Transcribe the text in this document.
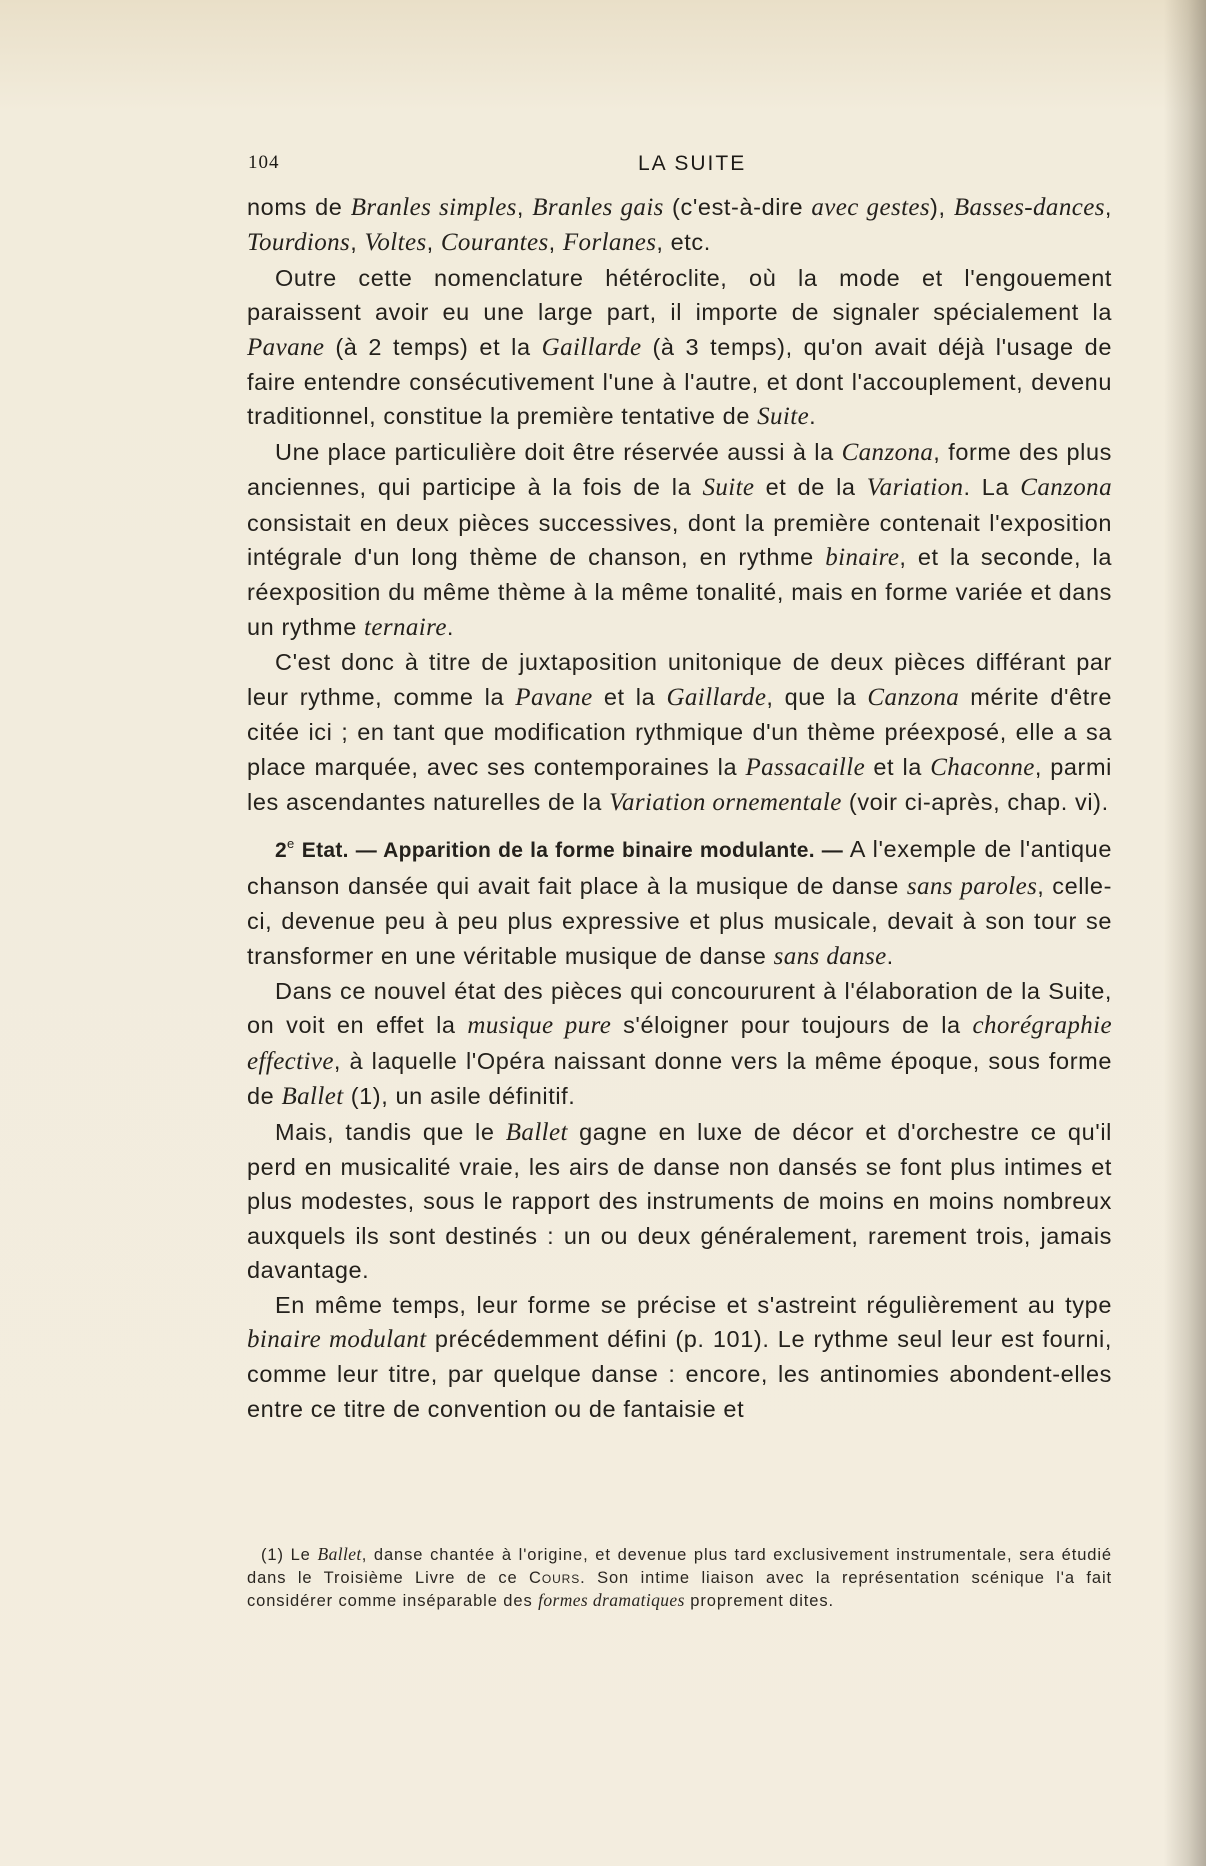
104	LA SUITE

noms de Branles simples, Branles gais (c'est-à-dire avec gestes), Basses-dances, Tourdions, Voltes, Courantes, Forlanes, etc.

Outre cette nomenclature hétéroclite, où la mode et l'engouement paraissent avoir eu une large part, il importe de signaler spécialement la Pavane (à 2 temps) et la Gaillarde (à 3 temps), qu'on avait déjà l'usage de faire entendre consécutivement l'une à l'autre, et dont l'accouplement, devenu traditionnel, constitue la première tentative de Suite.

Une place particulière doit être réservée aussi à la Canzona, forme des plus anciennes, qui participe à la fois de la Suite et de la Variation. La Canzona consistait en deux pièces successives, dont la première contenait l'exposition intégrale d'un long thème de chanson, en rythme binaire, et la seconde, la réexposition du même thème à la même tonalité, mais en forme variée et dans un rythme ternaire.

C'est donc à titre de juxtaposition unitonique de deux pièces différant par leur rythme, comme la Pavane et la Gaillarde, que la Canzona mérite d'être citée ici ; en tant que modification rythmique d'un thème préexposé, elle a sa place marquée, avec ses contemporaines la Passacaille et la Chaconne, parmi les ascendantes naturelles de la Variation ornementale (voir ci-après, chap. vi).

2e Etat. — Apparition de la forme binaire modulante. — A l'exemple de l'antique chanson dansée qui avait fait place à la musique de danse sans paroles, celle-ci, devenue peu à peu plus expressive et plus musicale, devait à son tour se transformer en une véritable musique de danse sans danse.

Dans ce nouvel état des pièces qui concoururent à l'élaboration de la Suite, on voit en effet la musique pure s'éloigner pour toujours de la chorégraphie effective, à laquelle l'Opéra naissant donne vers la même époque, sous forme de Ballet (1), un asile définitif.

Mais, tandis que le Ballet gagne en luxe de décor et d'orchestre ce qu'il perd en musicalité vraie, les airs de danse non dansés se font plus intimes et plus modestes, sous le rapport des instruments de moins en moins nombreux auxquels ils sont destinés : un ou deux généralement, rarement trois, jamais davantage.

En même temps, leur forme se précise et s'astreint régulièrement au type binaire modulant précédemment défini (p. 101). Le rythme seul leur est fourni, comme leur titre, par quelque danse : encore, les antinomies abondent-elles entre ce titre de convention ou de fantaisie et

(1) Le Ballet, danse chantée à l'origine, et devenue plus tard exclusivement instrumentale, sera étudié dans le Troisième Livre de ce Cours. Son intime liaison avec la représentation scénique l'a fait considérer comme inséparable des formes dramatiques proprement dites.
